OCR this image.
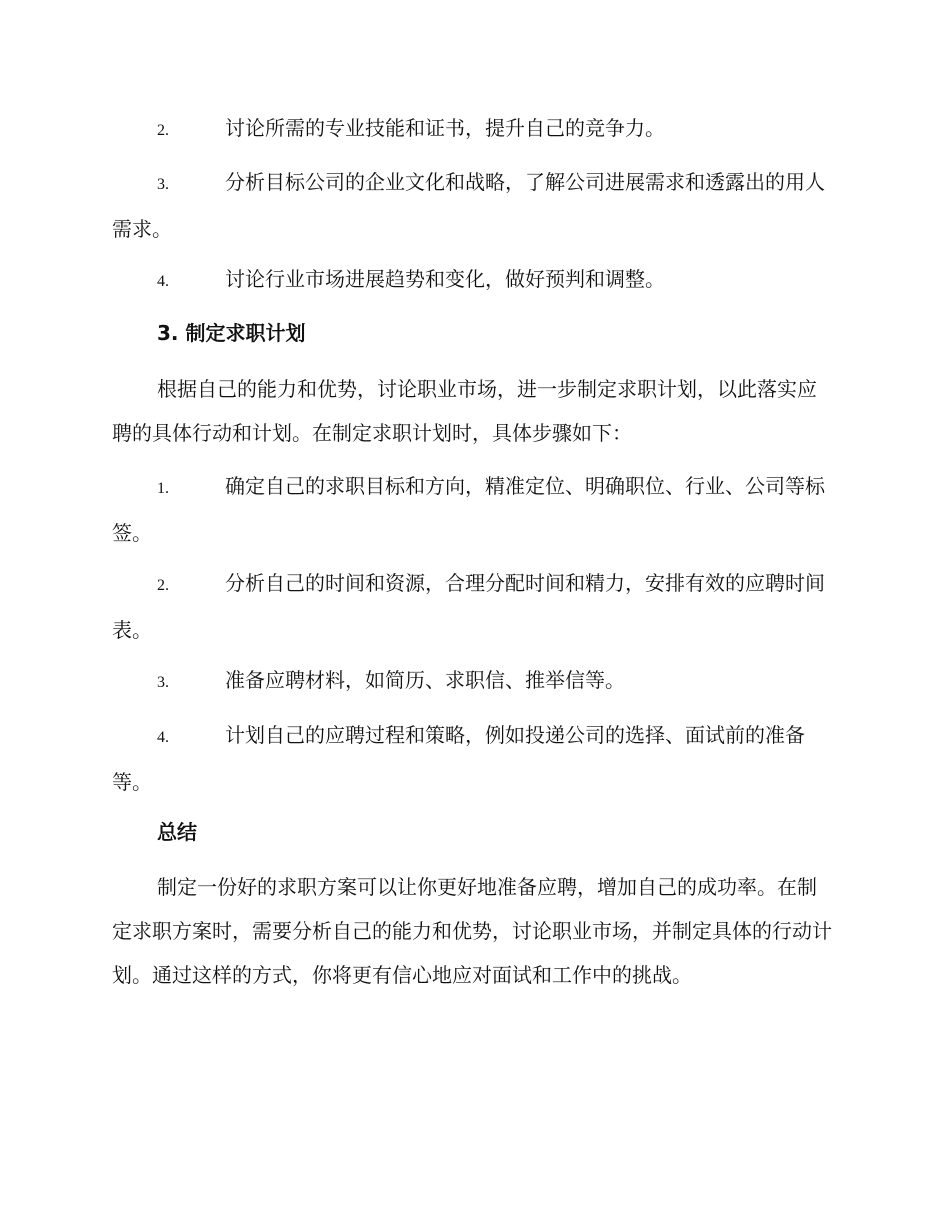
2.	讨论所需的专业技能和证书，提升自己的竞争力。

3.	分析目标公司的企业文化和战略，了解公司进展需求和透露出的用人需求。

4.	讨论行业市场进展趋势和变化，做好预判和调整。

3. 制定求职计划

根据自己的能力和优势，讨论职业市场，进一步制定求职计划，以此落实应聘的具体行动和计划。在制定求职计划时，具体步骤如下：

1.	确定自己的求职目标和方向，精准定位、明确职位、行业、公司等标签。

2.	分析自己的时间和资源，合理分配时间和精力，安排有效的应聘时间表。

3.	准备应聘材料，如简历、求职信、推举信等。

4.	计划自己的应聘过程和策略，例如投递公司的选择、面试前的准备等。

总结

制定一份好的求职方案可以让你更好地准备应聘，增加自己的成功率。在制定求职方案时，需要分析自己的能力和优势，讨论职业市场，并制定具体的行动计划。通过这样的方式，你将更有信心地应对面试和工作中的挑战。
